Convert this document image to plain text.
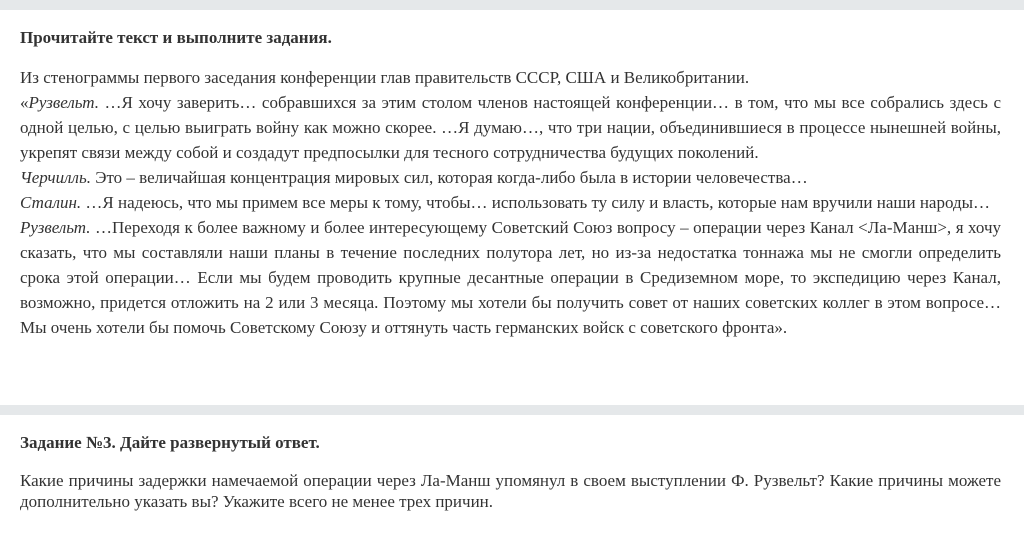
Прочитайте текст и выполните задания.

Из стенограммы первого заседания конференции глав правительств СССР, США и Великобритании.

«Рузвельт. …Я хочу заверить… собравшихся за этим столом членов настоящей конференции… в том, что мы все собрались здесь с одной целью, с целью выиграть войну как можно скорее. …Я думаю…, что три нации, объединившиеся в процессе нынешней войны, укрепят связи между собой и создадут предпосылки для тесного сотрудничества будущих поколений.

Черчилль. Это – величайшая концентрация мировых сил, которая когда-либо была в истории человечества…

Сталин. …Я надеюсь, что мы примем все меры к тому, чтобы… использовать ту силу и власть, которые нам вручили наши народы…

Рузвельт. …Переходя к более важному и более интересующему Советский Союз вопросу – операции через Канал <Ла-Манш>, я хочу сказать, что мы составляли наши планы в течение последних полутора лет, но из-за недостатка тоннажа мы не смогли определить срока этой операции… Если мы будем проводить крупные десантные операции в Средиземном море, то экспедицию через Канал, возможно, придется отложить на 2 или 3 месяца. Поэтому мы хотели бы получить совет от наших советских коллег в этом вопросе… Мы очень хотели бы помочь Советскому Союзу и оттянуть часть германских войск с советского фронта».

Задание №3. Дайте развернутый ответ.

Какие причины задержки намечаемой операции через Ла-Манш упомянул в своем выступлении Ф. Рузвельт? Какие причины можете дополнительно указать вы? Укажите всего не менее трех причин.
